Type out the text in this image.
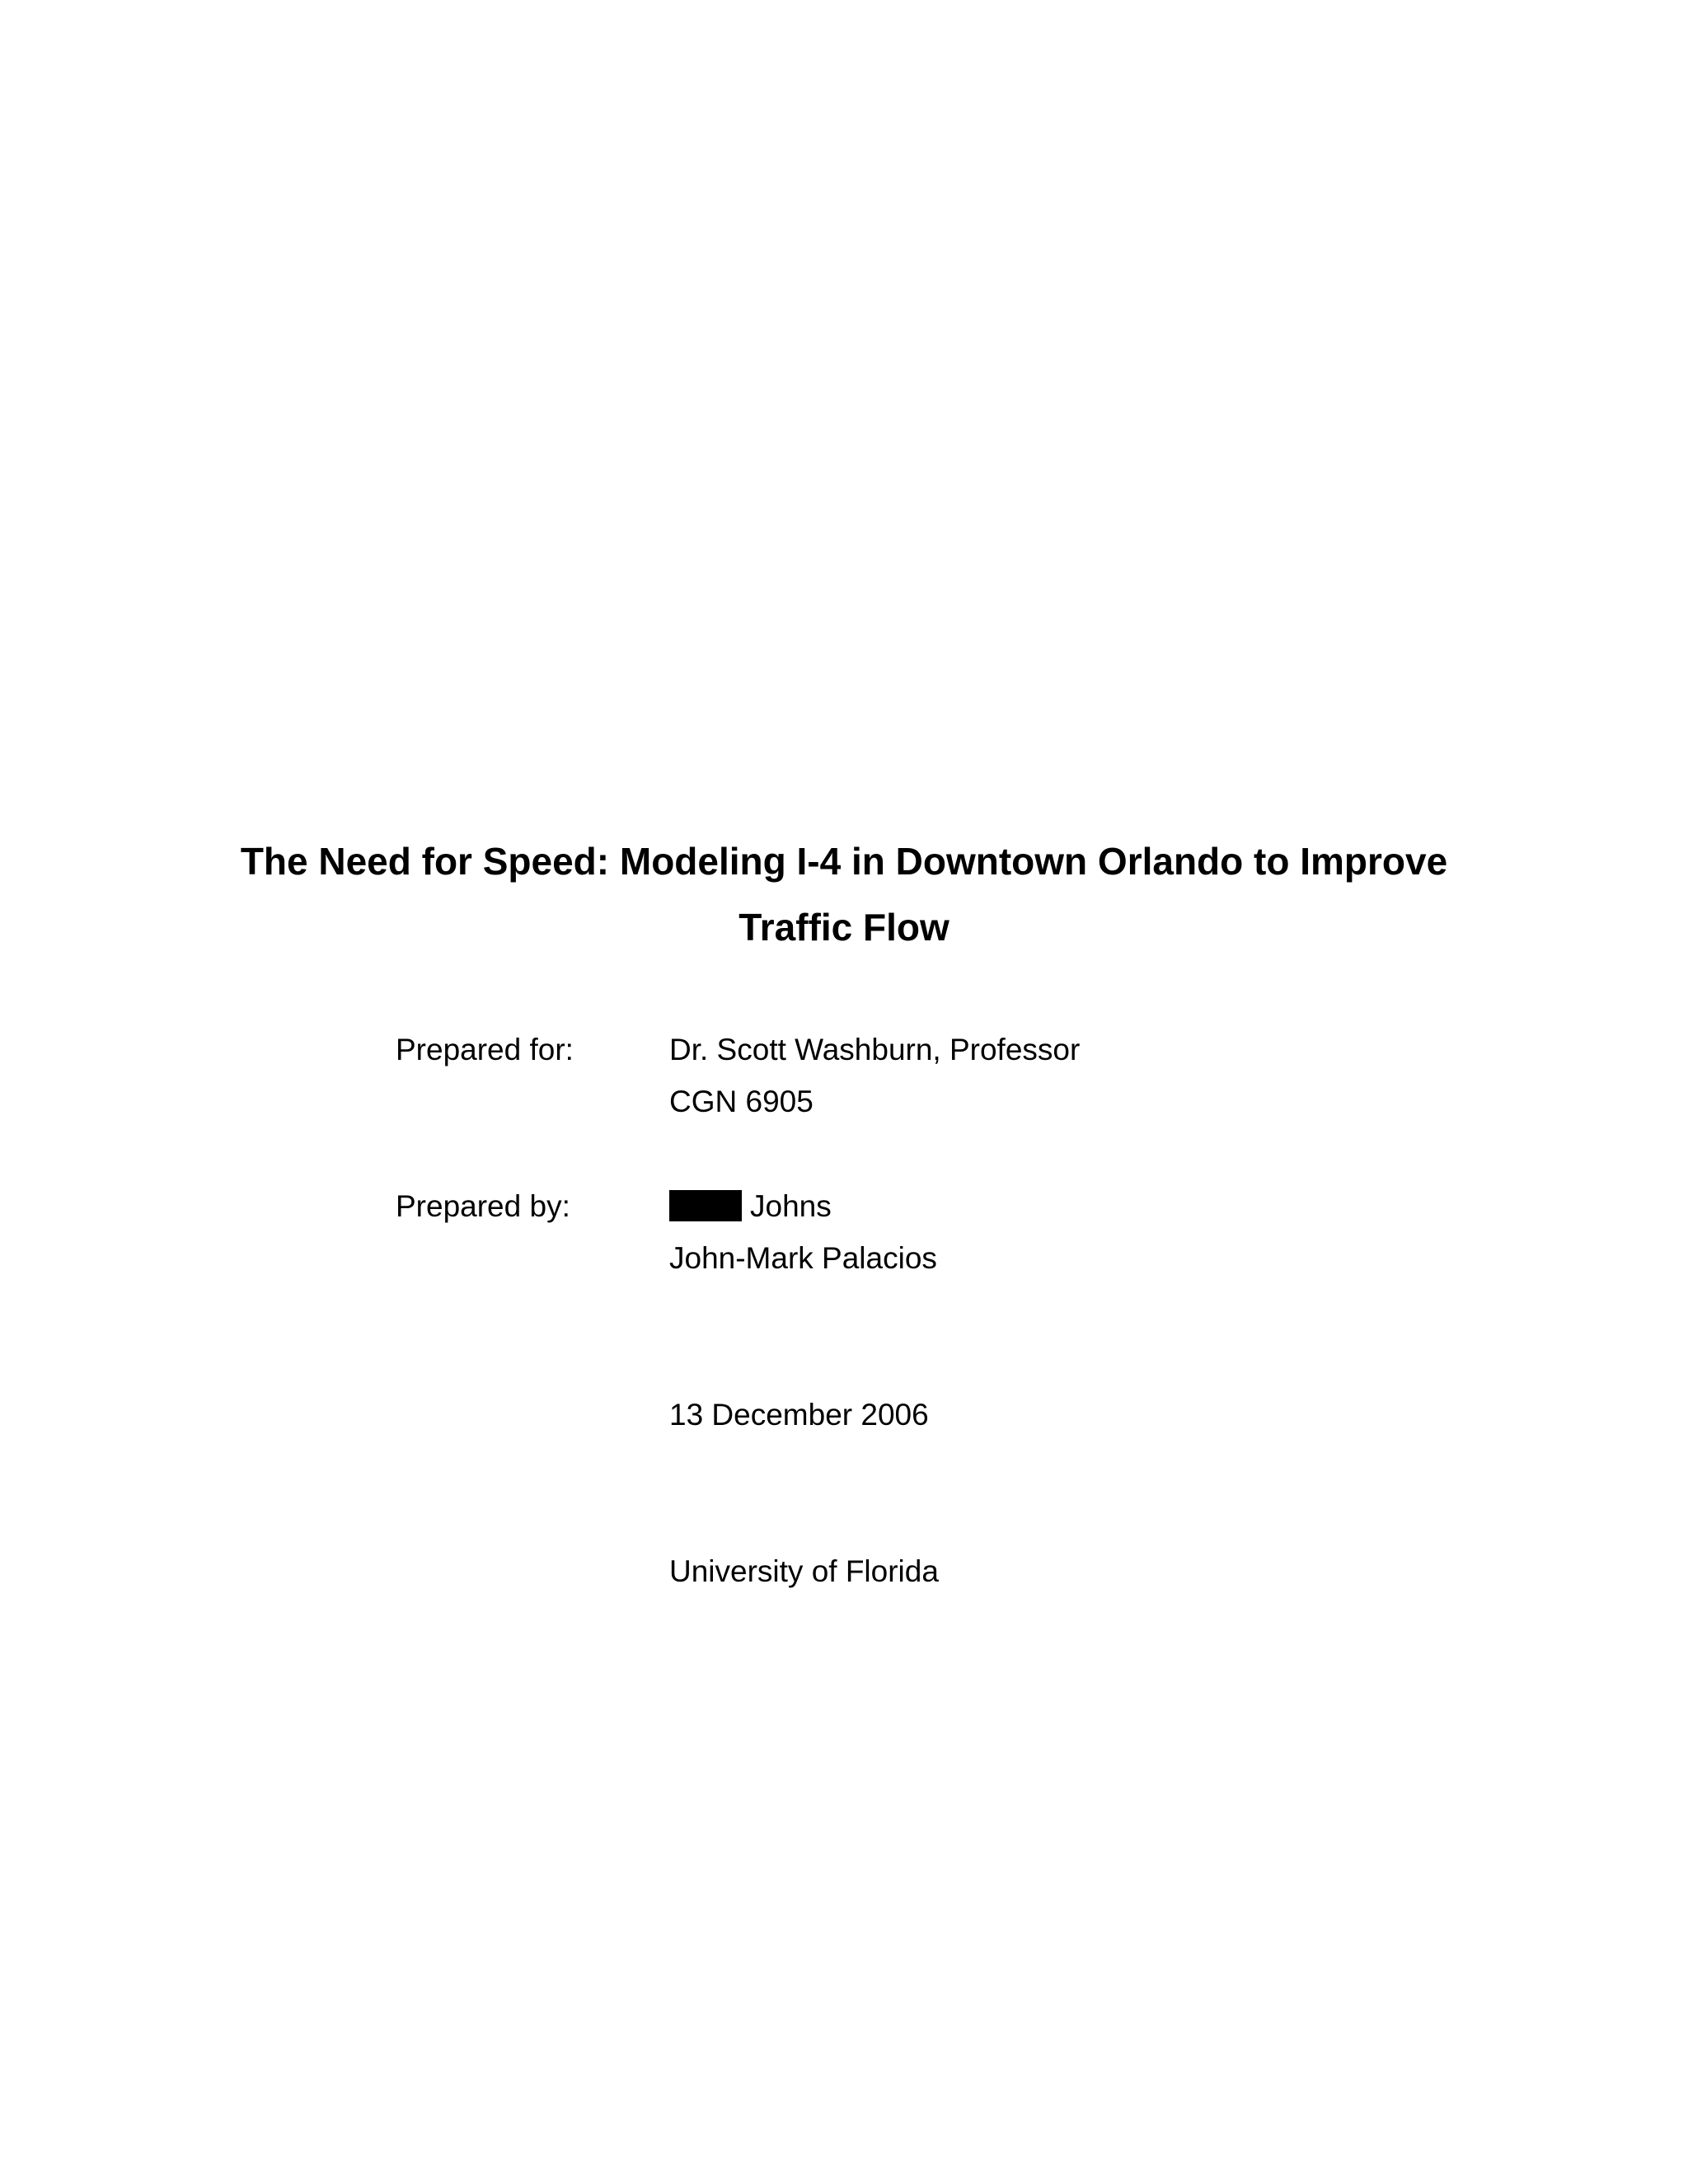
The Need for Speed: Modeling I-4 in Downtown Orlando to Improve
Traffic Flow
Prepared for:	Dr. Scott Washburn, Professor
CGN 6905
Prepared by:	Johns
John-Mark Palacios
13 December 2006
University of Florida
